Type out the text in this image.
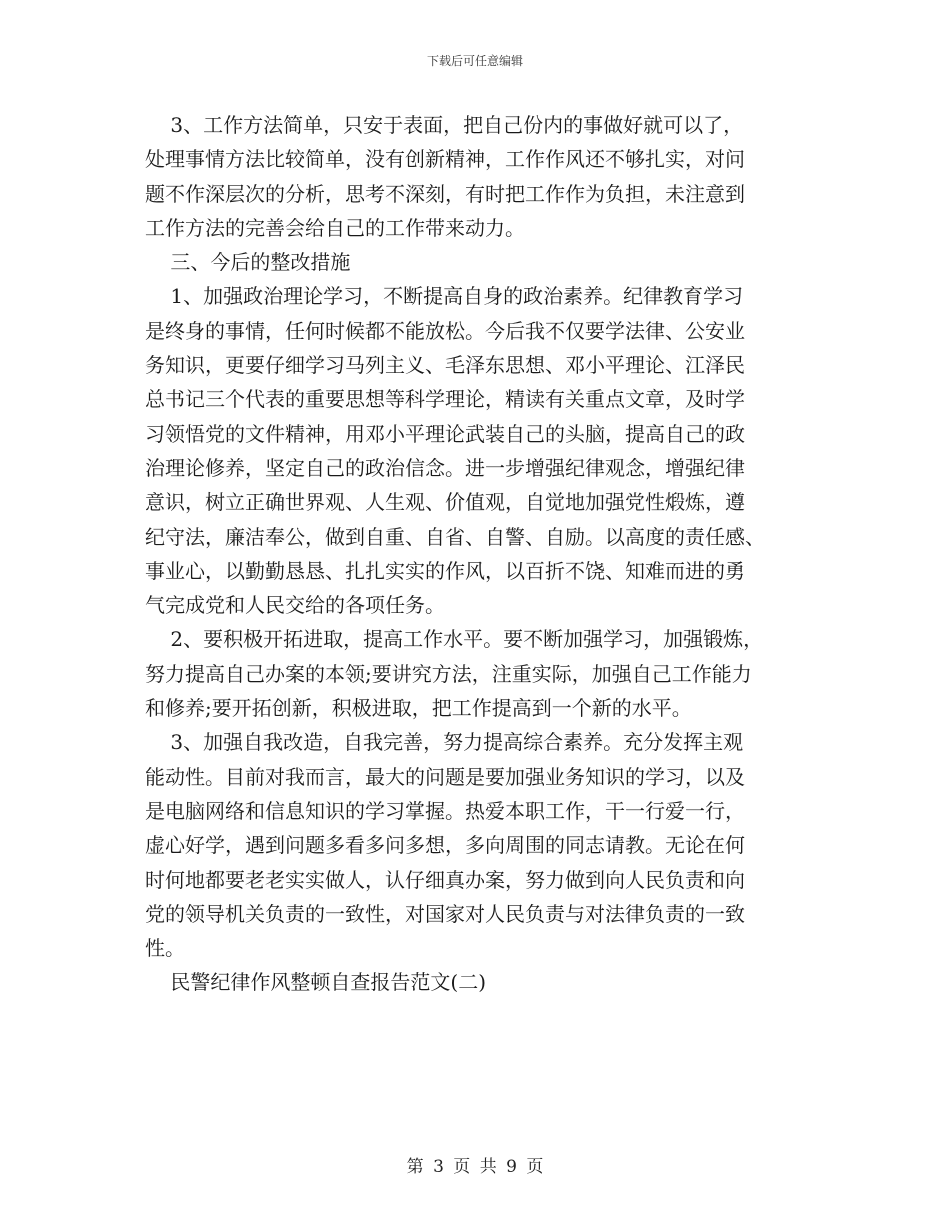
下载后可任意编辑
3、工作方法简单，只安于表面，把自己份内的事做好就可以了，
处理事情方法比较简单，没有创新精神，工作作风还不够扎实，对问
题不作深层次的分析，思考不深刻，有时把工作作为负担，未注意到
工作方法的完善会给自己的工作带来动力。
三、今后的整改措施
1、加强政治理论学习，不断提高自身的政治素养。纪律教育学习
是终身的事情，任何时候都不能放松。今后我不仅要学法律、公安业
务知识，更要仔细学习马列主义、毛泽东思想、邓小平理论、江泽民
总书记三个代表的重要思想等科学理论，精读有关重点文章，及时学
习领悟党的文件精神，用邓小平理论武装自己的头脑，提高自己的政
治理论修养，坚定自己的政治信念。进一步增强纪律观念，增强纪律
意识，树立正确世界观、人生观、价值观，自觉地加强党性煅炼，遵
纪守法，廉洁奉公，做到自重、自省、自警、自励。以高度的责任感、
事业心，以勤勤恳恳、扎扎实实的作风，以百折不饶、知难而进的勇
气完成党和人民交给的各项任务。
2、要积极开拓进取，提高工作水平。要不断加强学习，加强锻炼，
努力提高自己办案的本领;要讲究方法，注重实际，加强自己工作能力
和修养;要开拓创新，积极进取，把工作提高到一个新的水平。
3、加强自我改造，自我完善，努力提高综合素养。充分发挥主观
能动性。目前对我而言，最大的问题是要加强业务知识的学习，以及
是电脑网络和信息知识的学习掌握。热爱本职工作，干一行爱一行，
虚心好学，遇到问题多看多问多想，多向周围的同志请教。无论在何
时何地都要老老实实做人，认仔细真办案，努力做到向人民负责和向
党的领导机关负责的一致性，对国家对人民负责与对法律负责的一致
性。
民警纪律作风整顿自查报告范文(二)
第 3 页 共 9 页
